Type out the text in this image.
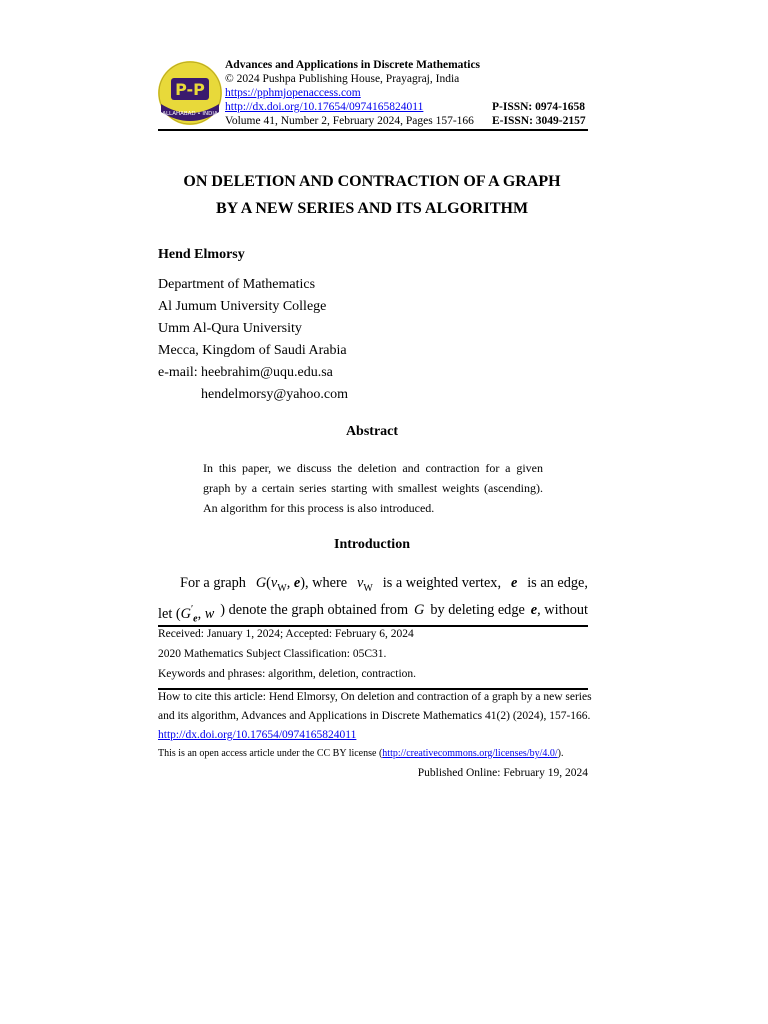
P-P
ALLAHABAD • INDIA
Advances and Applications in Discrete Mathematics
© 2024 Pushpa Publishing House, Prayagraj, India
https://pphmjopenaccess.com
http://dx.doi.org/10.17654/0974165824011
Volume 41, Number 2, February 2024, Pages 157-166
P-ISSN: 0974-1658
E-ISSN: 3049-2157
ON DELETION AND CONTRACTION OF A GRAPH
BY A NEW SERIES AND ITS ALGORITHM
Hend Elmorsy
Department of Mathematics
Al Jumum University College
Umm Al-Qura University
Mecca, Kingdom of Saudi Arabia
e-mail: heebrahim@uqu.edu.sa
hendelmorsy@yahoo.com
Abstract
In this paper, we discuss the deletion and contraction for a given
graph by a certain series starting with smallest weights (ascending).
An algorithm for this process is also introduced.
Introduction
For a graph $G(v_W$, e), where $v_W$ is a weighted vertex, e is an edge,
let ($G'_e$, w ) denote the graph obtained from G by deleting edge e, without
Received: January 1, 2024; Accepted: February 6, 2024
2020 Mathematics Subject Classification: 05C31.
Keywords and phrases: algorithm, deletion, contraction.
How to cite this article: Hend Elmorsy, On deletion and contraction of a graph by a new series
and its algorithm, Advances and Applications in Discrete Mathematics 41(2) (2024), 157-166.
http://dx.doi.org/10.17654/0974165824011
This is an open access article under the CC BY license (http://creativecommons.org/licenses/by/4.0/).
Published Online: February 19, 2024
